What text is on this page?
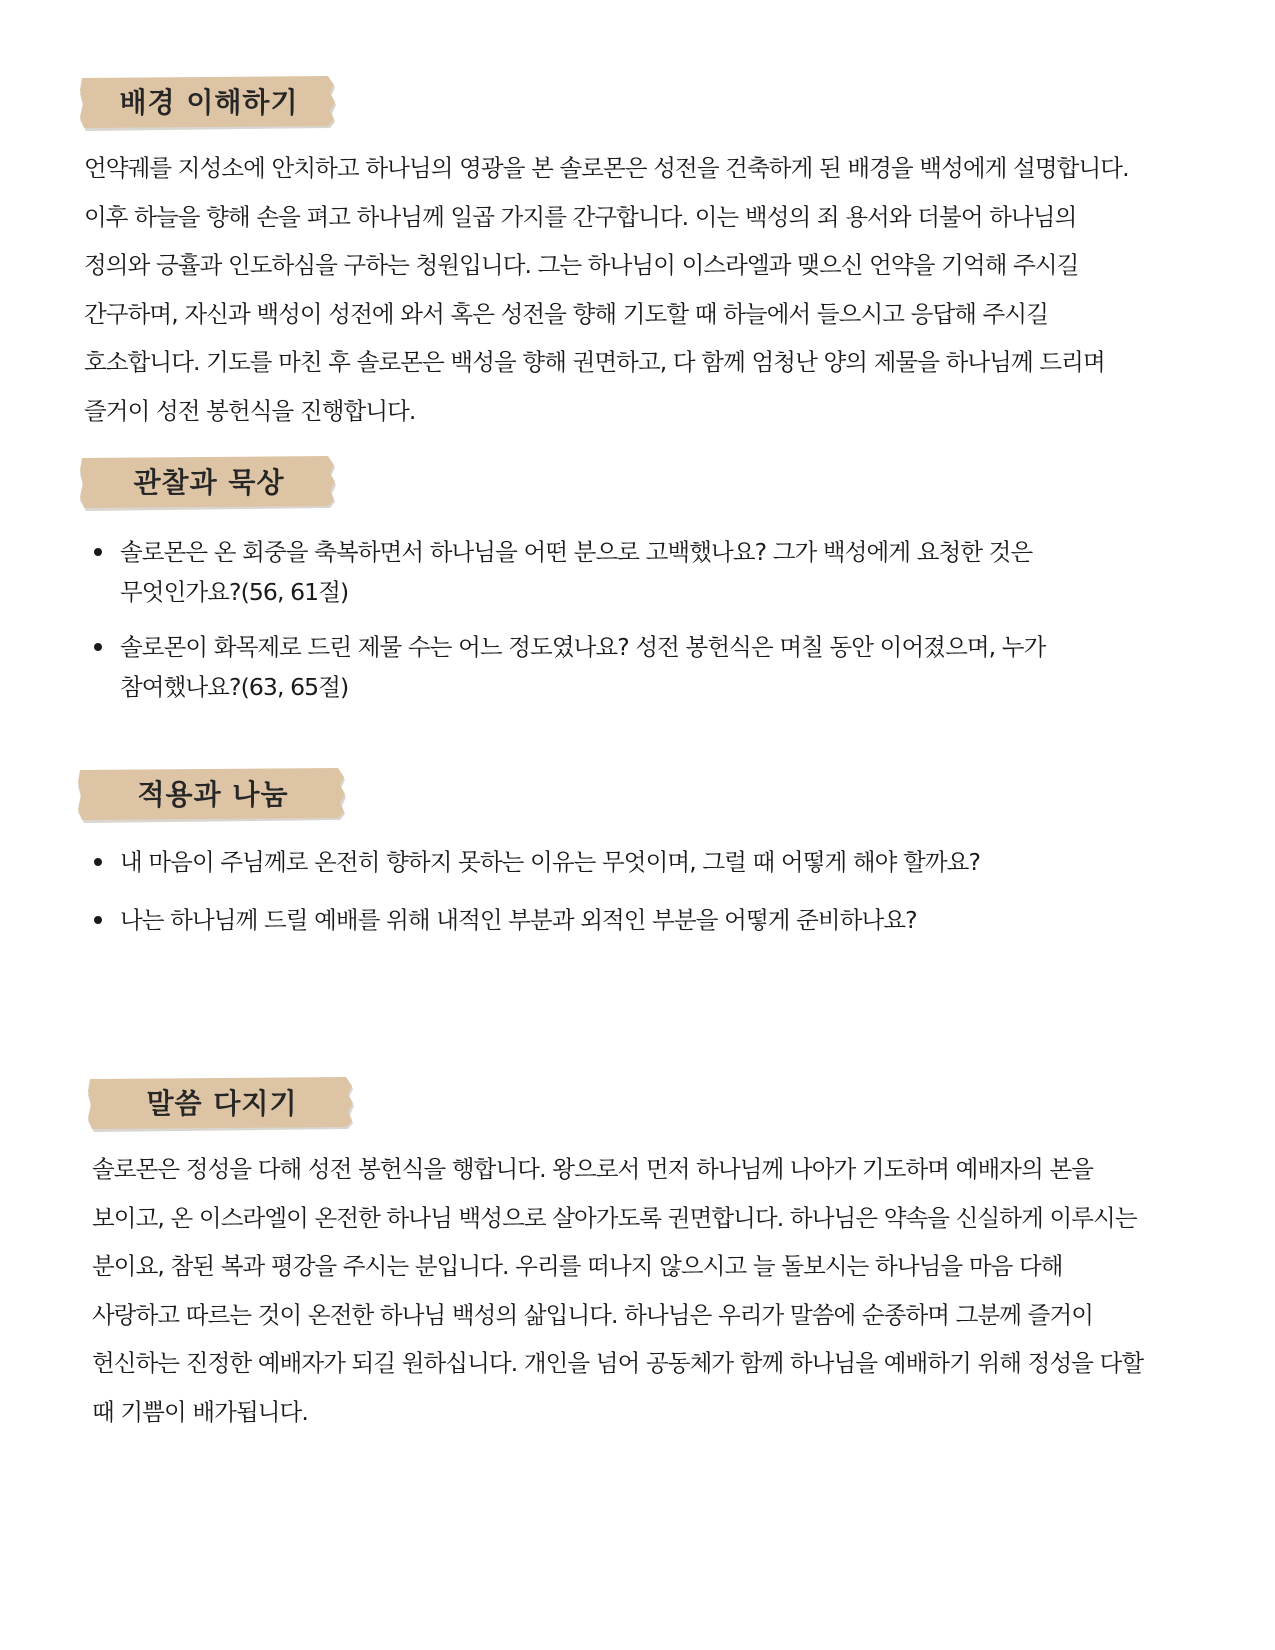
배경 이해하기
언약궤를 지성소에 안치하고 하나님의 영광을 본 솔로몬은 성전을 건축하게 된 배경을 백성에게 설명합니다. 이후 하늘을 향해 손을 펴고 하나님께 일곱 가지를 간구합니다. 이는 백성의 죄 용서와 더불어 하나님의 정의와 긍휼과 인도하심을 구하는 청원입니다. 그는 하나님이 이스라엘과 맺으신 언약을 기억해 주시길 간구하며, 자신과 백성이 성전에 와서 혹은 성전을 향해 기도할 때 하늘에서 들으시고 응답해 주시길 호소합니다. 기도를 마친 후 솔로몬은 백성을 향해 권면하고, 다 함께 엄청난 양의 제물을 하나님께 드리며 즐거이 성전 봉헌식을 진행합니다.
관찰과 묵상
솔로몬은 온 회중을 축복하면서 하나님을 어떤 분으로 고백했나요? 그가 백성에게 요청한 것은 무엇인가요?(56, 61절)
솔로몬이 화목제로 드린 제물 수는 어느 정도였나요? 성전 봉헌식은 며칠 동안 이어졌으며, 누가 참여했나요?(63, 65절)
적용과 나눔
내 마음이 주님께로 온전히 향하지 못하는 이유는 무엇이며, 그럴 때 어떻게 해야 할까요?
나는 하나님께 드릴 예배를 위해 내적인 부분과 외적인 부분을 어떻게 준비하나요?
말씀 다지기
솔로몬은 정성을 다해 성전 봉헌식을 행합니다. 왕으로서 먼저 하나님께 나아가 기도하며 예배자의 본을 보이고, 온 이스라엘이 온전한 하나님 백성으로 살아가도록 권면합니다. 하나님은 약속을 신실하게 이루시는 분이요, 참된 복과 평강을 주시는 분입니다. 우리를 떠나지 않으시고 늘 돌보시는 하나님을 마음 다해 사랑하고 따르는 것이 온전한 하나님 백성의 삶입니다. 하나님은 우리가 말씀에 순종하며 그분께 즐거이 헌신하는 진정한 예배자가 되길 원하십니다. 개인을 넘어 공동체가 함께 하나님을 예배하기 위해 정성을 다할 때 기쁨이 배가됩니다.
